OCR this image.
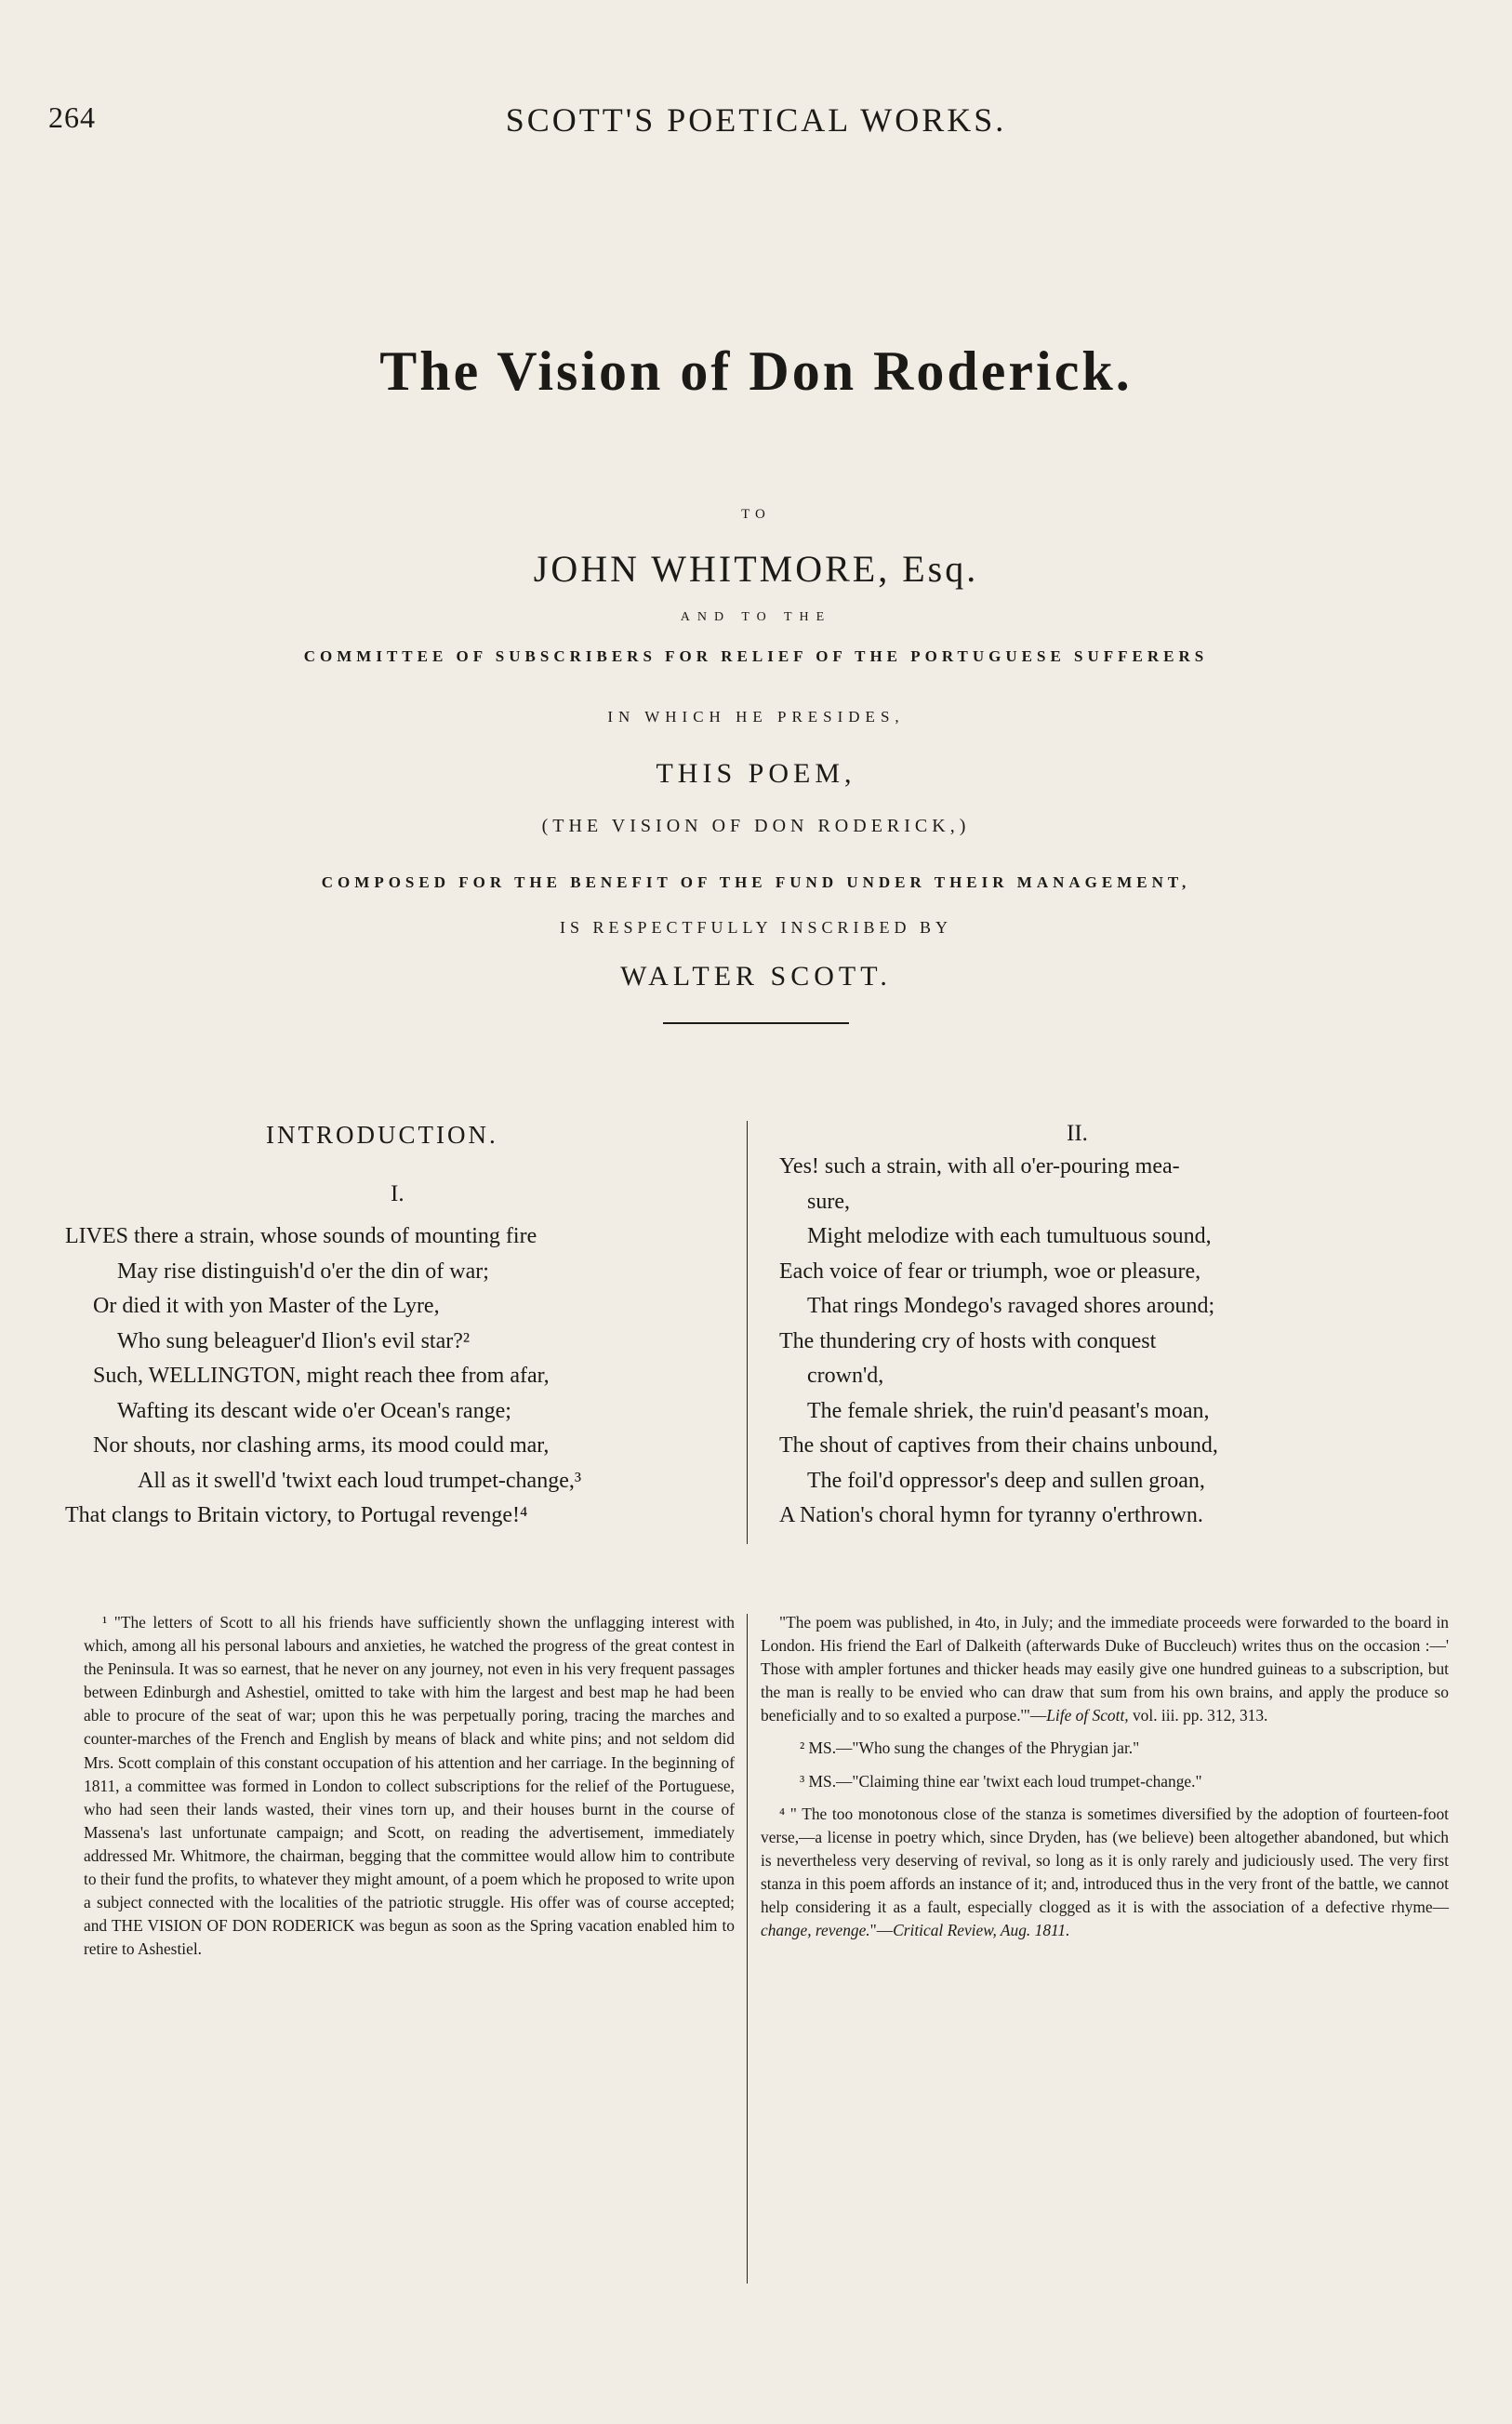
264	SCOTT'S POETICAL WORKS.
The Vision of Don Roderick.
TO
JOHN WHITMORE, Esq.
AND TO THE
COMMITTEE OF SUBSCRIBERS FOR RELIEF OF THE PORTUGUESE SUFFERERS
IN WHICH HE PRESIDES,
THIS POEM,
(THE VISION OF DON RODERICK,)
COMPOSED FOR THE BENEFIT OF THE FUND UNDER THEIR MANAGEMENT,
IS RESPECTFULLY INSCRIBED BY
WALTER SCOTT.
INTRODUCTION.
I.
II.
LIVES there a strain, whose sounds of mounting fire
May rise distinguish'd o'er the din of war;
Or died it with yon Master of the Lyre,
Who sung beleaguer'd Ilion's evil star?²
Such, WELLINGTON, might reach thee from afar,
Wafting its descant wide o'er Ocean's range;
Nor shouts, nor clashing arms, its mood could mar,
All as it swell'd 'twixt each loud trumpet-change,³
That clangs to Britain victory, to Portugal revenge!⁴
Yes! such a strain, with all o'er-pouring mea-
sure,
Might melodize with each tumultuous sound,
Each voice of fear or triumph, woe or pleasure,
That rings Mondego's ravaged shores around;
The thundering cry of hosts with conquest
crown'd,
The female shriek, the ruin'd peasant's moan,
The shout of captives from their chains unbound,
The foil'd oppressor's deep and sullen groan,
A Nation's choral hymn for tyranny o'erthrown.

¹ "The letters of Scott to all his friends have sufficiently shown the unflagging interest with which, among all his personal labours and anxieties, he watched the progress of the great contest in the Peninsula. It was so earnest, that he never on any journey, not even in his very frequent passages between Edinburgh and Ashestiel, omitted to take with him the largest and best map he had been able to procure of the seat of war; upon this he was perpetually poring, tracing the marches and counter-marches of the French and English by means of black and white pins; and not seldom did Mrs. Scott complain of this constant occupation of his attention and her carriage. In the beginning of 1811, a committee was formed in London to collect subscriptions for the relief of the Portuguese, who had seen their lands wasted, their vines torn up, and their houses burnt in the course of Massena's last unfortunate campaign; and Scott, on reading the advertisement, immediately addressed Mr. Whitmore, the chairman, begging that the committee would allow him to contribute to their fund the profits, to whatever they might amount, of a poem which he proposed to write upon a subject connected with the localities of the patriotic struggle. His offer was of course accepted; and THE VISION OF DON RODERICK was begun as soon as the Spring vacation enabled him to retire to Ashestiel.

"The poem was published, in 4to, in July; and the immediate proceeds were forwarded to the board in London. His friend the Earl of Dalkeith (afterwards Duke of Buccleuch) writes thus on the occasion :—' Those with ampler fortunes and thicker heads may easily give one hundred guineas to a subscription, but the man is really to be envied who can draw that sum from his own brains, and apply the produce so beneficially and to so exalted a purpose.'"—Life of Scott, vol. iii. pp. 312, 313.

² MS.—"Who sung the changes of the Phrygian jar."

³ MS.—"Claiming thine ear 'twixt each loud trumpet-change."

⁴ " The too monotonous close of the stanza is sometimes diversified by the adoption of fourteen-foot verse,—a license in poetry which, since Dryden, has (we believe) been altogether abandoned, but which is nevertheless very deserving of revival, so long as it is only rarely and judiciously used. The very first stanza in this poem affords an instance of it; and, introduced thus in the very front of the battle, we cannot help considering it as a fault, especially clogged as it is with the association of a defective rhyme—change, revenge."—Critical Review, Aug. 1811.
